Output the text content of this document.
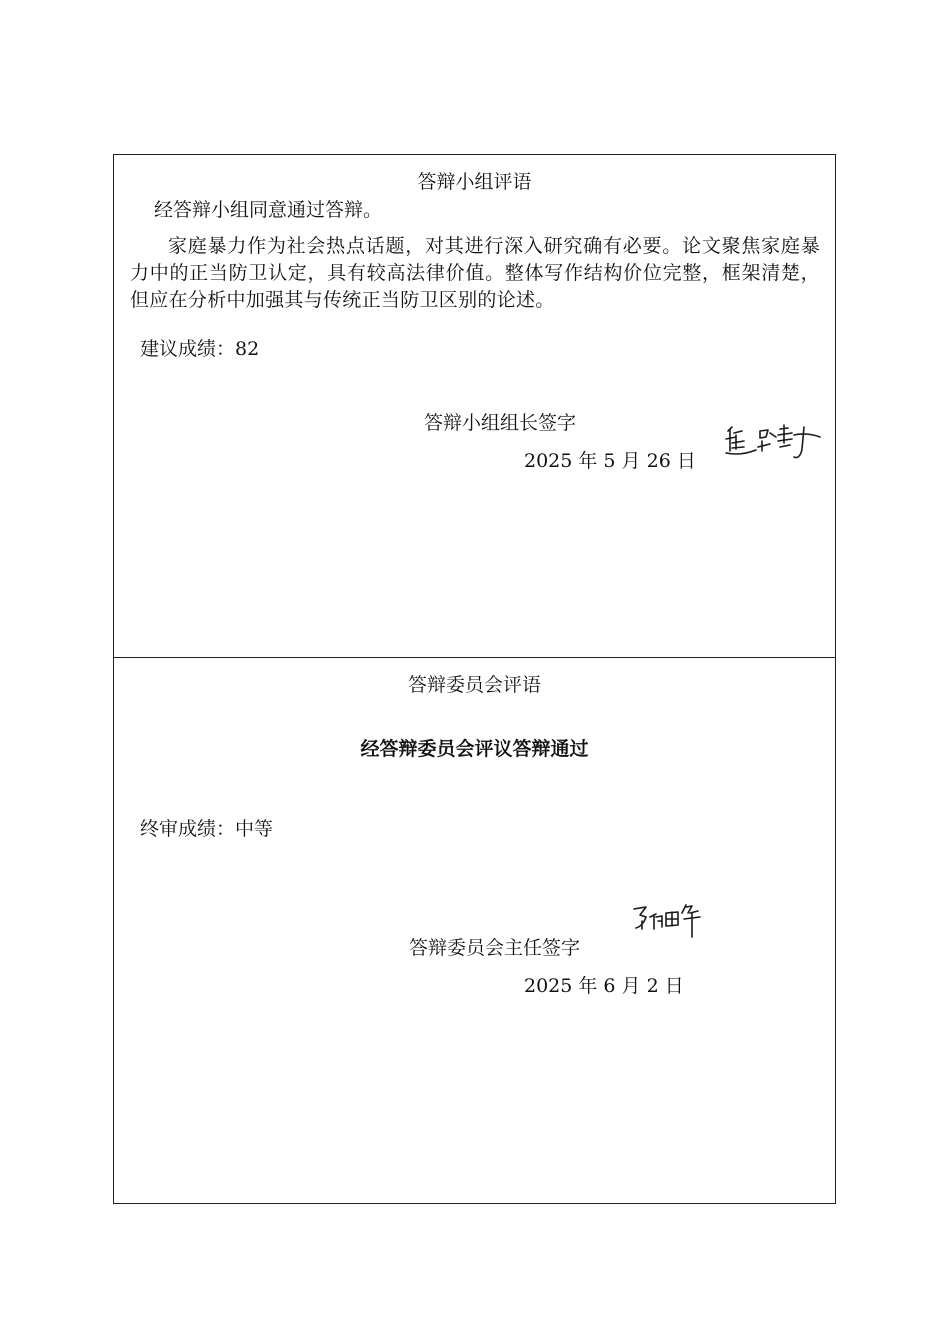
答辩小组评语
经答辩小组同意通过答辩。
家庭暴力作为社会热点话题，对其进行深入研究确有必要。论文聚焦家庭暴力中的正当防卫认定，具有较高法律价值。整体写作结构价位完整，框架清楚，但应在分析中加强其与传统正当防卫区别的论述。
建议成绩：82
答辩小组组长签字
2025 年 5 月 26 日
答辩委员会评语
经答辩委员会评议答辩通过
终审成绩：中等
答辩委员会主任签字
2025 年 6 月 2 日
